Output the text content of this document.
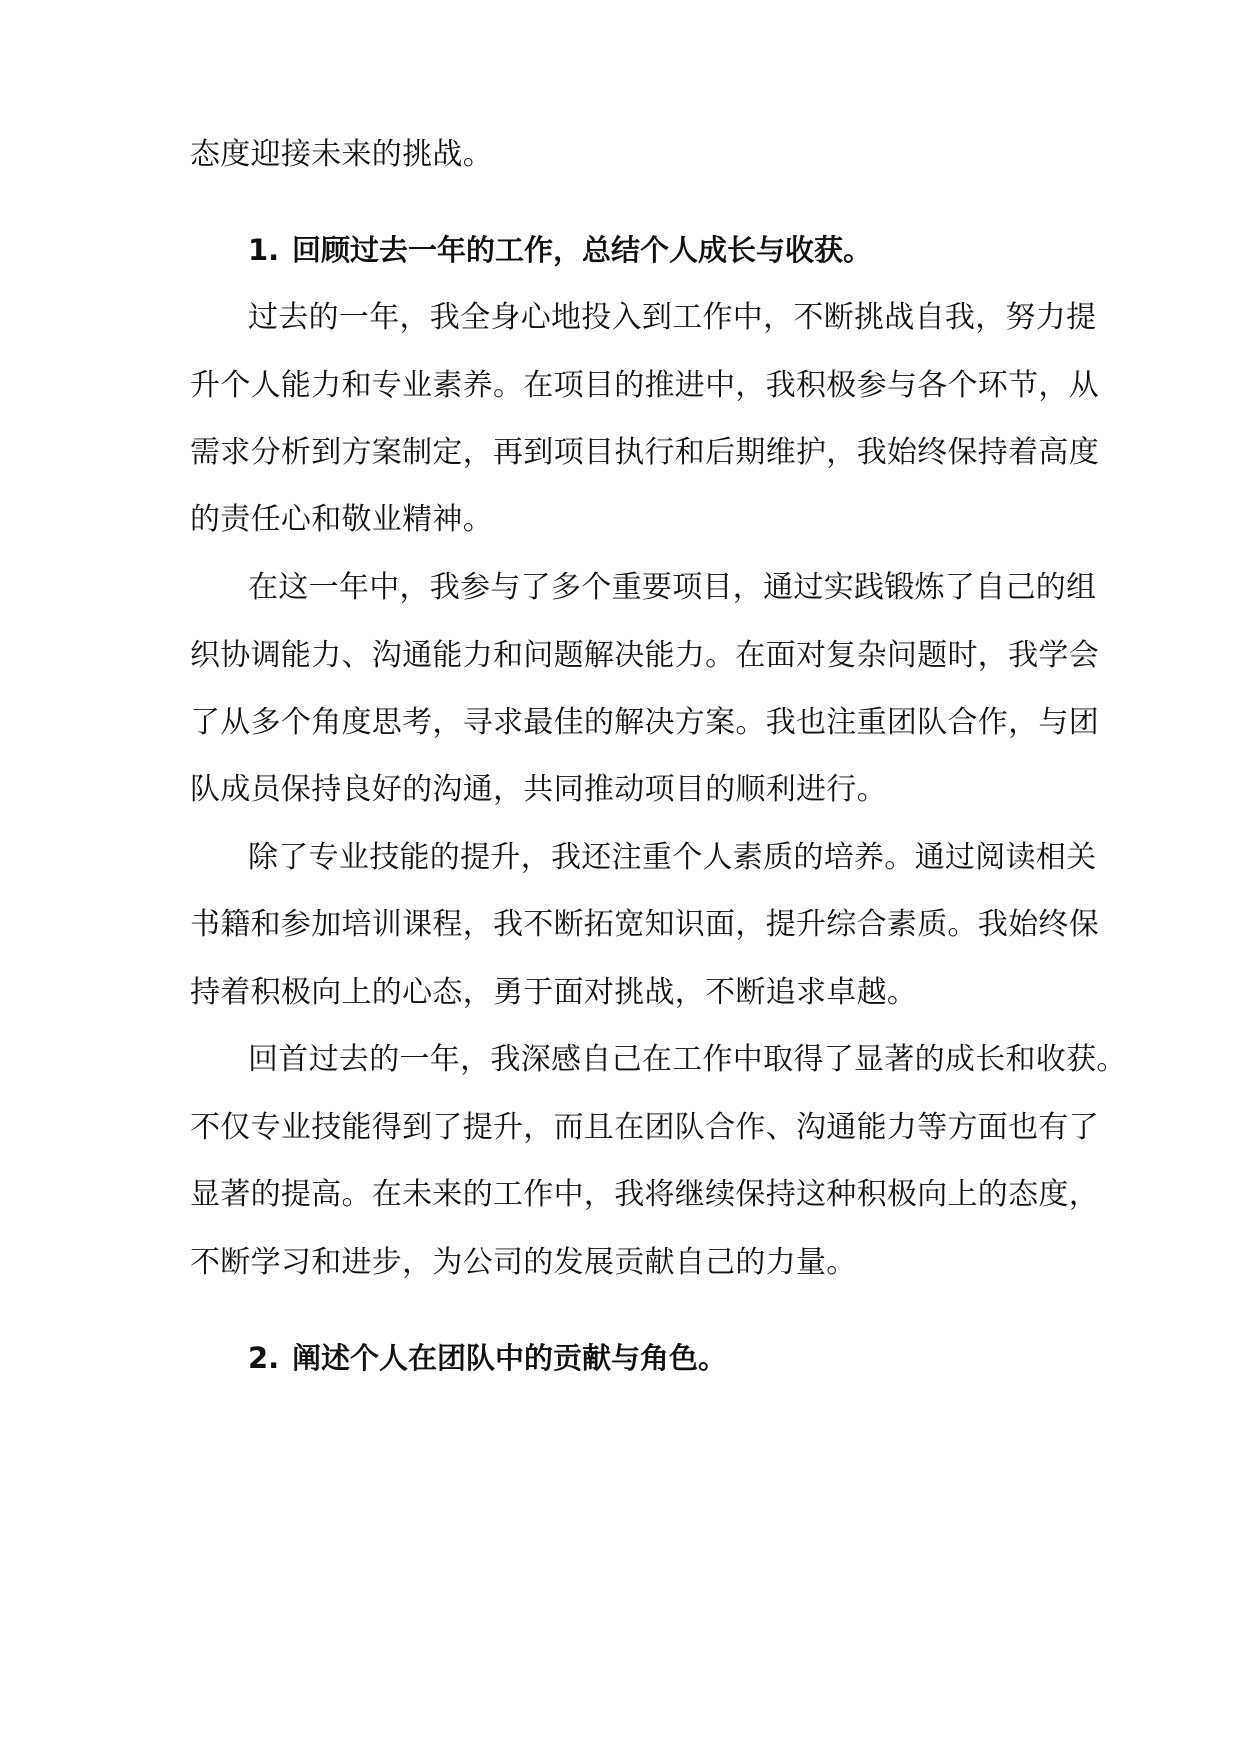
态度迎接未来的挑战。
1. 回顾过去一年的工作，总结个人成长与收获。
过去的一年，我全身心地投入到工作中，不断挑战自我，努力提
升个人能力和专业素养。在项目的推进中，我积极参与各个环节，从
需求分析到方案制定，再到项目执行和后期维护，我始终保持着高度
的责任心和敬业精神。
在这一年中，我参与了多个重要项目，通过实践锻炼了自己的组
织协调能力、沟通能力和问题解决能力。在面对复杂问题时，我学会
了从多个角度思考，寻求最佳的解决方案。我也注重团队合作，与团
队成员保持良好的沟通，共同推动项目的顺利进行。
除了专业技能的提升，我还注重个人素质的培养。通过阅读相关
书籍和参加培训课程，我不断拓宽知识面，提升综合素质。我始终保
持着积极向上的心态，勇于面对挑战，不断追求卓越。
回首过去的一年，我深感自己在工作中取得了显著的成长和收获。
不仅专业技能得到了提升，而且在团队合作、沟通能力等方面也有了
显著的提高。在未来的工作中，我将继续保持这种积极向上的态度，
不断学习和进步，为公司的发展贡献自己的力量。
2. 阐述个人在团队中的贡献与角色。
